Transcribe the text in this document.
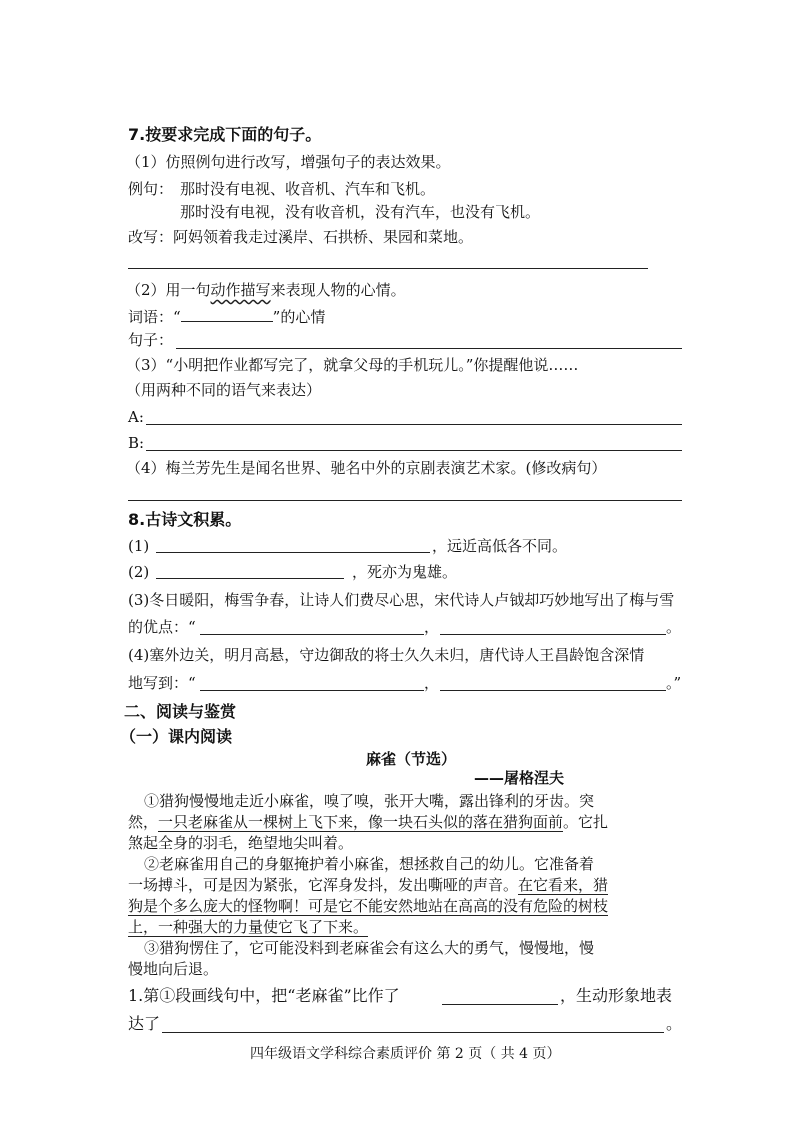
7.按要求完成下面的句子。
（1）仿照例句进行改写，增强句子的表达效果。
例句： 那时没有电视、收音机、汽车和飞机。
那时没有电视，没有收音机，没有汽车，也没有飞机。
改写：阿妈领着我走过溪岸、石拱桥、果园和菜地。
（2）用一句动作描写来表现人物的心情。
词语：“	”的心情
句子：
（3）“小明把作业都写完了，就拿父母的手机玩儿。”你提醒他说……
（用两种不同的语气来表达）
A:
B:
（4）梅兰芳先生是闻名世界、驰名中外的京剧表演艺术家。(修改病句）
8.古诗文积累。
(1)	，远近高低各不同。
(2)	，死亦为鬼雄。
(3)冬日暖阳，梅雪争春，让诗人们费尽心思，宋代诗人卢钺却巧妙地写出了梅与雪
的优点：“	，	。
(4)塞外边关，明月高悬，守边御敌的将士久久未归，唐代诗人王昌龄饱含深情
地写到：“	，	。”
二、阅读与鉴赏
（一）课内阅读
麻雀（节选）
——屠格涅夫
①猎狗慢慢地走近小麻雀，嗅了嗅，张开大嘴，露出锋利的牙齿。突
然，一只老麻雀从一棵树上飞下来，像一块石头似的落在猎狗面前。它扎
煞起全身的羽毛，绝望地尖叫着。
②老麻雀用自己的身躯掩护着小麻雀，想拯救自己的幼儿。它准备着
一场搏斗，可是因为紧张，它浑身发抖，发出嘶哑的声音。在它看来，猎
狗是个多么庞大的怪物啊！可是它不能安然地站在高高的没有危险的树枝
上，一种强大的力量使它飞了下来。
③猎狗愣住了，它可能没料到老麻雀会有这么大的勇气，慢慢地，慢
慢地向后退。
1.第①段画线句中，把“老麻雀”比作了	，生动形象地表
达了	。
四年级语文学科综合素质评价 第 2 页（ 共 4 页）
